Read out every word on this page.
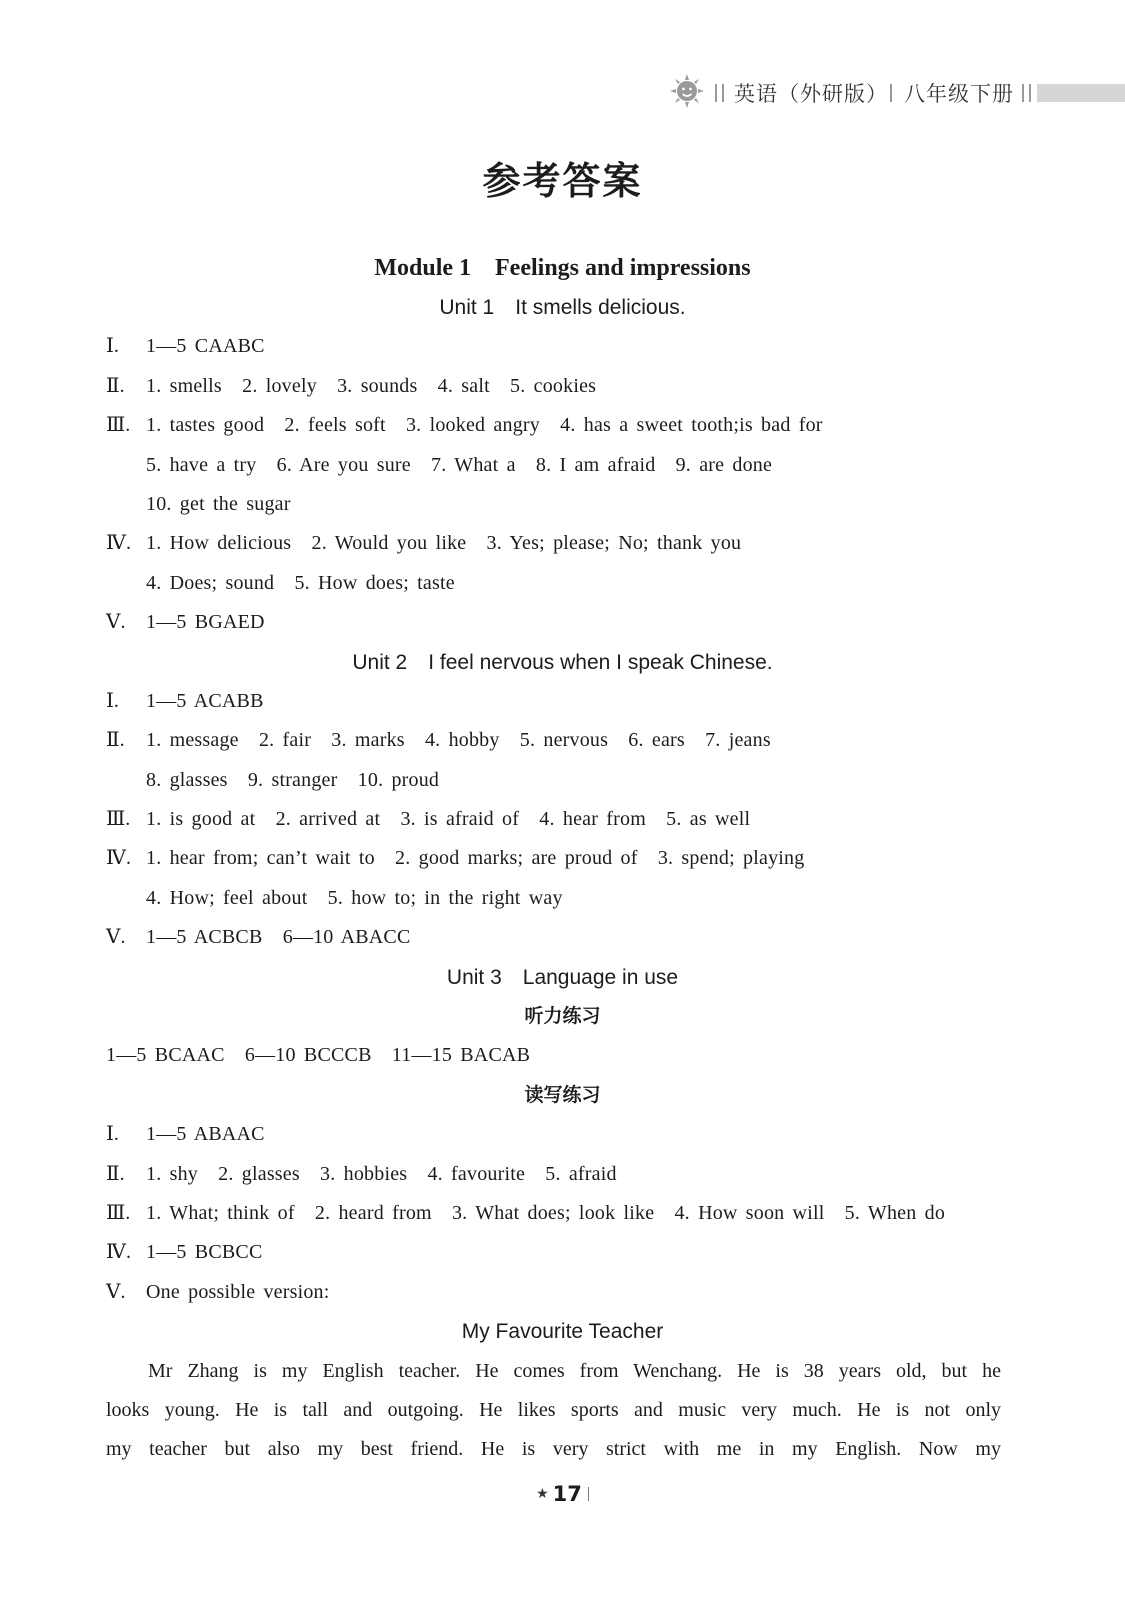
英语（外研版） 八年级下册
参考答案
Module 1　Feelings and impressions
Unit 1　It smells delicious.
Ⅰ.	1—5 CAABC
Ⅱ.	1. smells　2. lovely　3. sounds　4. salt　5. cookies
Ⅲ. 1. tastes good　2. feels soft　3. looked angry　4. has a sweet tooth;is bad for
5. have a try　6. Are you sure　7. What a　8. I am afraid　9. are done
10. get the sugar
Ⅳ. 1. How delicious　2. Would you like　3. Yes; please; No; thank you
4. Does; sound　5. How does; taste
Ⅴ.	1—5 BGAED
Unit 2　I feel nervous when I speak Chinese.
Ⅰ.	1—5 ACABB
Ⅱ.	1. message　2. fair　3. marks　4. hobby　5. nervous　6. ears　7. jeans
8. glasses　9. stranger　10. proud
Ⅲ. 1. is good at　2. arrived at　3. is afraid of　4. hear from　5. as well
Ⅳ. 1. hear from; can’t wait to　2. good marks; are proud of　3. spend; playing
4. How; feel about　5. how to; in the right way
Ⅴ.	1—5 ACBCB　6—10 ABACC
Unit 3　Language in use
听力练习
1—5 BCAAC　6—10 BCCCB　11—15 BACAB
读写练习
Ⅰ.	1—5 ABAAC
Ⅱ.	1. shy　2. glasses　3. hobbies　4. favourite　5. afraid
Ⅲ. 1. What; think of　2. heard from　3. What does; look like　4. How soon will　5. When do
Ⅳ. 1—5 BCBCC
Ⅴ.	One possible version:
My Favourite Teacher
Mr Zhang is my English teacher. He comes from Wenchang. He is 38 years old, but he
looks young. He is tall and outgoing. He likes sports and music very much. He is not only
my teacher but also my best friend. He is very strict with me in my English. Now my
★ 17
